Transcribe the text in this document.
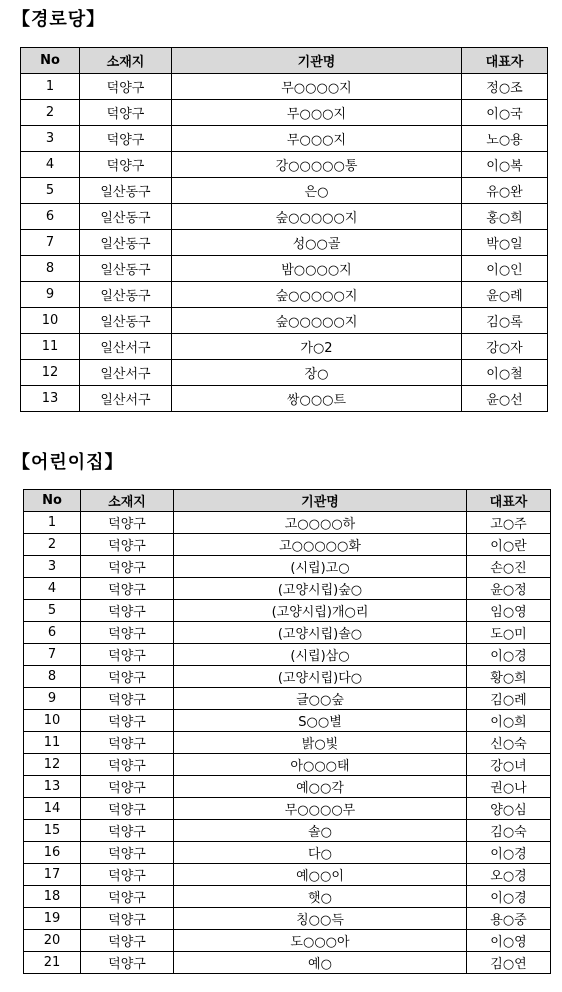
【경로당】
No	소재지	기관명	대표자
1	덕양구	무○○○○지	정○조
2	덕양구	무○○○지	이○국
3	덕양구	무○○○지	노○용
4	덕양구	강○○○○○통	이○복
5	일산동구	은○	유○완
6	일산동구	숲○○○○○지	홍○희
7	일산동구	성○○골	박○일
8	일산동구	밤○○○○지	이○인
9	일산동구	숲○○○○○지	윤○례
10	일산동구	숲○○○○○지	김○록
11	일산서구	가○2	강○자
12	일산서구	장○	이○철
13	일산서구	쌍○○○트	윤○선
【어린이집】
No	소재지	기관명	대표자
1	덕양구	고○○○○하	고○주
2	덕양구	고○○○○○화	이○란
3	덕양구	(시립)고○	손○진
4	덕양구	(고양시립)숲○	윤○정
5	덕양구	(고양시립)개○리	임○영
6	덕양구	(고양시립)솔○	도○미
7	덕양구	(시립)삼○	이○경
8	덕양구	(고양시립)다○	황○희
9	덕양구	글○○숲	김○례
10	덕양구	S○○별	이○희
11	덕양구	밝○빛	신○숙
12	덕양구	아○○○태	강○녀
13	덕양구	예○○각	권○나
14	덕양구	무○○○○무	양○심
15	덕양구	솔○	김○숙
16	덕양구	다○	이○경
17	덕양구	예○○이	오○경
18	덕양구	햇○	이○경
19	덕양구	칭○○득	용○중
20	덕양구	도○○○아	이○영
21	덕양구	예○	김○연
